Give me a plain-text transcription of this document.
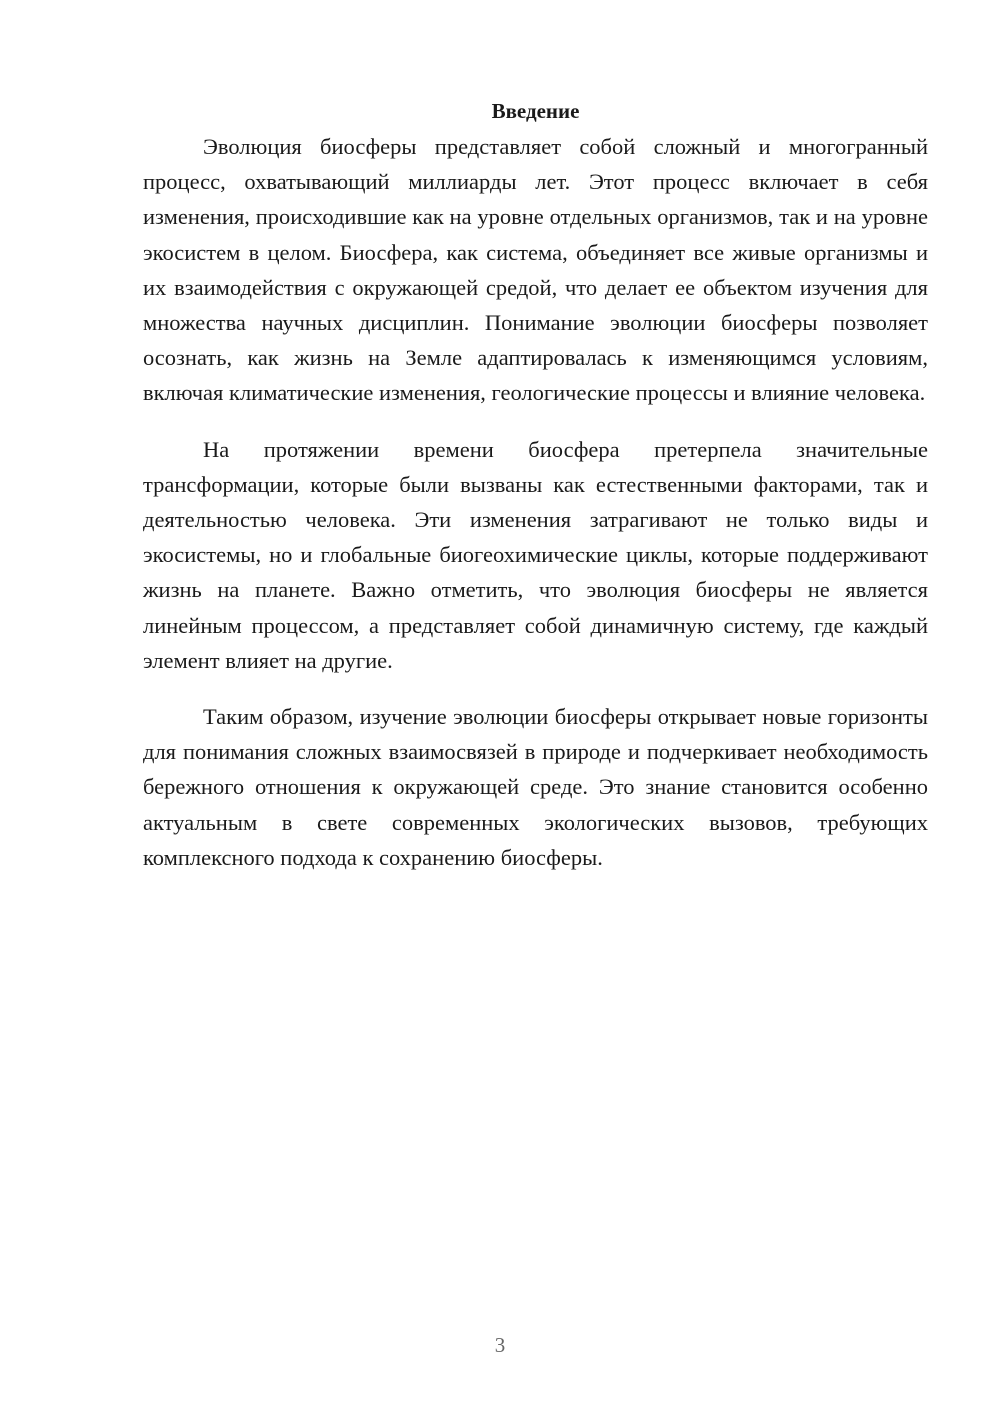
Введение

Эволюция биосферы представляет собой сложный и многогранный процесс, охватывающий миллиарды лет. Этот процесс включает в себя изменения, происходившие как на уровне отдельных организмов, так и на уровне экосистем в целом. Биосфера, как система, объединяет все живые организмы и их взаимодействия с окружающей средой, что делает ее объектом изучения для множества научных дисциплин. Понимание эволюции биосферы позволяет осознать, как жизнь на Земле адаптировалась к изменяющимся условиям, включая климатические изменения, геологические процессы и влияние человека.

На протяжении времени биосфера претерпела значительные трансформации, которые были вызваны как естественными факторами, так и деятельностью человека. Эти изменения затрагивают не только виды и экосистемы, но и глобальные биогеохимические циклы, которые поддерживают жизнь на планете. Важно отметить, что эволюция биосферы не является линейным процессом, а представляет собой динамичную систему, где каждый элемент влияет на другие.

Таким образом, изучение эволюции биосферы открывает новые горизонты для понимания сложных взаимосвязей в природе и подчеркивает необходимость бережного отношения к окружающей среде. Это знание становится особенно актуальным в свете современных экологических вызовов, требующих комплексного подхода к сохранению биосферы.

3
